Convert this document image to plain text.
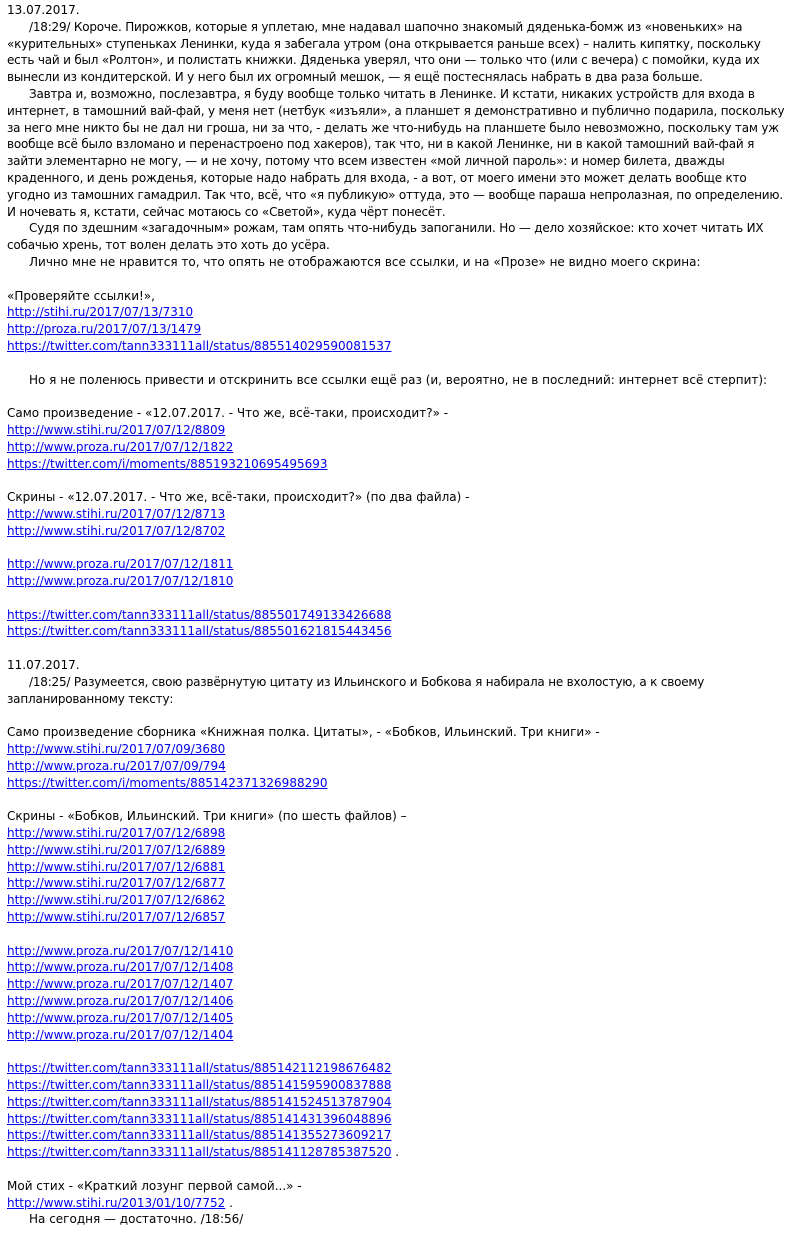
13.07.2017.

/18:29/ Короче. Пирожков, которые я уплетаю, мне надавал шапочно знакомый дяденька-бомж из «новеньких» на «курительных» ступеньках Ленинки, куда я забегала утром (она открывается раньше всех) – налить кипятку, поскольку есть чай и был «Ролтон», и полистать книжки. Дяденька уверял, что они — только что (или с вечера) с помойки, куда их вынесли из кондитерской. И у него был их огромный мешок, — я ещё постеснялась набрать в два раза больше.

Завтра и, возможно, послезавтра, я буду вообще только читать в Ленинке. И кстати, никаких устройств для входа в интернет, в тамошний вай-фай, у меня нет (нетбук «изъяли», а планшет я демонстративно и публично подарила, поскольку за него мне никто бы не дал ни гроша, ни за что, - делать же что-нибудь на планшете было невозможно, поскольку там уж вообще всё было взломано и перенастроено под хакеров), так что, ни в какой Ленинке, ни в какой тамошний вай-фай я зайти элементарно не могу, — и не хочу, потому что всем известен «мой личной пароль»: и номер билета, дважды краденного, и день рожденья, которые надо набрать для входа, - а вот, от моего имени это может делать вообще кто угодно из тамошних гамадрил. Так что, всё, что «я публикую» оттуда, это — вообще параша непролазная, по определению. И ночевать я, кстати, сейчас мотаюсь со «Светой», куда чёрт понесёт.

Судя по здешним «загадочным» рожам, там опять что-нибудь запоганили. Но — дело хозяйское: кто хочет читать ИХ собачью хрень, тот волен делать это хоть до усёра.

Лично мне не нравится то, что опять не отображаются все ссылки, и на «Прозе» не видно моего скрина:
«Проверяйте ссылки!»,
http://stihi.ru/2017/07/13/7310
http://proza.ru/2017/07/13/1479
https://twitter.com/tann333111all/status/885514029590081537
Но я не поленюсь привести и отскринить все ссылки ещё раз (и, вероятно, не в последний: интернет всё стерпит):
Само произведение - «12.07.2017. - Что же, всё-таки, происходит?» -
http://www.stihi.ru/2017/07/12/8809
http://www.proza.ru/2017/07/12/1822
https://twitter.com/i/moments/885193210695495693
Скрины - «12.07.2017. - Что же, всё-таки, происходит?» (по два файла) -
http://www.stihi.ru/2017/07/12/8713
http://www.stihi.ru/2017/07/12/8702
http://www.proza.ru/2017/07/12/1811
http://www.proza.ru/2017/07/12/1810
https://twitter.com/tann333111all/status/885501749133426688
https://twitter.com/tann333111all/status/885501621815443456
11.07.2017.

/18:25/ Разумеется, свою развёрнутую цитату из Ильинского и Бобкова я набирала не вхолостую, а к своему запланированному тексту:

Само произведение сборника «Книжная полка. Цитаты», - «Бобков, Ильинский. Три книги» -
http://www.stihi.ru/2017/07/09/3680
http://www.proza.ru/2017/07/09/794
https://twitter.com/i/moments/885142371326988290
Скрины - «Бобков, Ильинский. Три книги» (по шесть файлов) –
http://www.stihi.ru/2017/07/12/6898
http://www.stihi.ru/2017/07/12/6889
http://www.stihi.ru/2017/07/12/6881
http://www.stihi.ru/2017/07/12/6877
http://www.stihi.ru/2017/07/12/6862
http://www.stihi.ru/2017/07/12/6857
http://www.proza.ru/2017/07/12/1410
http://www.proza.ru/2017/07/12/1408
http://www.proza.ru/2017/07/12/1407
http://www.proza.ru/2017/07/12/1406
http://www.proza.ru/2017/07/12/1405
http://www.proza.ru/2017/07/12/1404
https://twitter.com/tann333111all/status/885142112198676482
https://twitter.com/tann333111all/status/885141595900837888
https://twitter.com/tann333111all/status/885141524513787904
https://twitter.com/tann333111all/status/885141431396048896
https://twitter.com/tann333111all/status/885141355273609217
https://twitter.com/tann333111all/status/885141128785387520 .
Мой стих - «Краткий лозунг первой самой...» -
http://www.stihi.ru/2013/01/10/7752 .
На сегодня — достаточно. /18:56/
